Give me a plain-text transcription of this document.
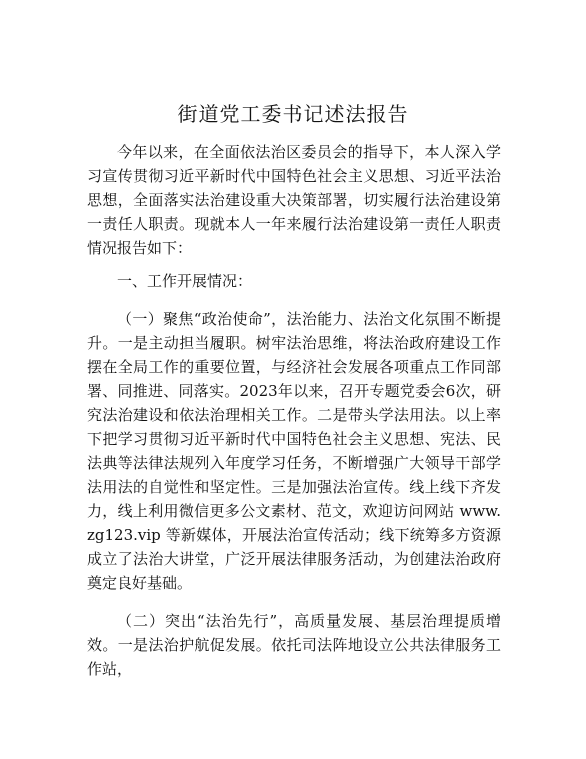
街道党工委书记述法报告

今年以来，在全面依法治区委员会的指导下，本人深入学习宣传贯彻习近平新时代中国特色社会主义思想、习近平法治思想，全面落实法治建设重大决策部署，切实履行法治建设第一责任人职责。现就本人一年来履行法治建设第一责任人职责情况报告如下：

一、工作开展情况：

（一）聚焦“政治使命”，法治能力、法治文化氛围不断提升。一是主动担当履职。树牢法治思维，将法治政府建设工作摆在全局工作的重要位置，与经济社会发展各项重点工作同部署、同推进、同落实。2023年以来，召开专题党委会6次，研究法治建设和依法治理相关工作。二是带头学法用法。以上率下把学习贯彻习近平新时代中国特色社会主义思想、宪法、民法典等法律法规列入年度学习任务，不断增强广大领导干部学法用法的自觉性和坚定性。三是加强法治宣传。线上线下齐发力，线上利用微信更多公文素材、范文，欢迎访问网站 www.zg123.vip 等新媒体，开展法治宣传活动；线下统筹多方资源成立了法治大讲堂，广泛开展法律服务活动，为创建法治政府奠定良好基础。

（二）突出“法治先行”，高质量发展、基层治理提质增效。一是法治护航促发展。依托司法阵地设立公共法律服务工作站，
